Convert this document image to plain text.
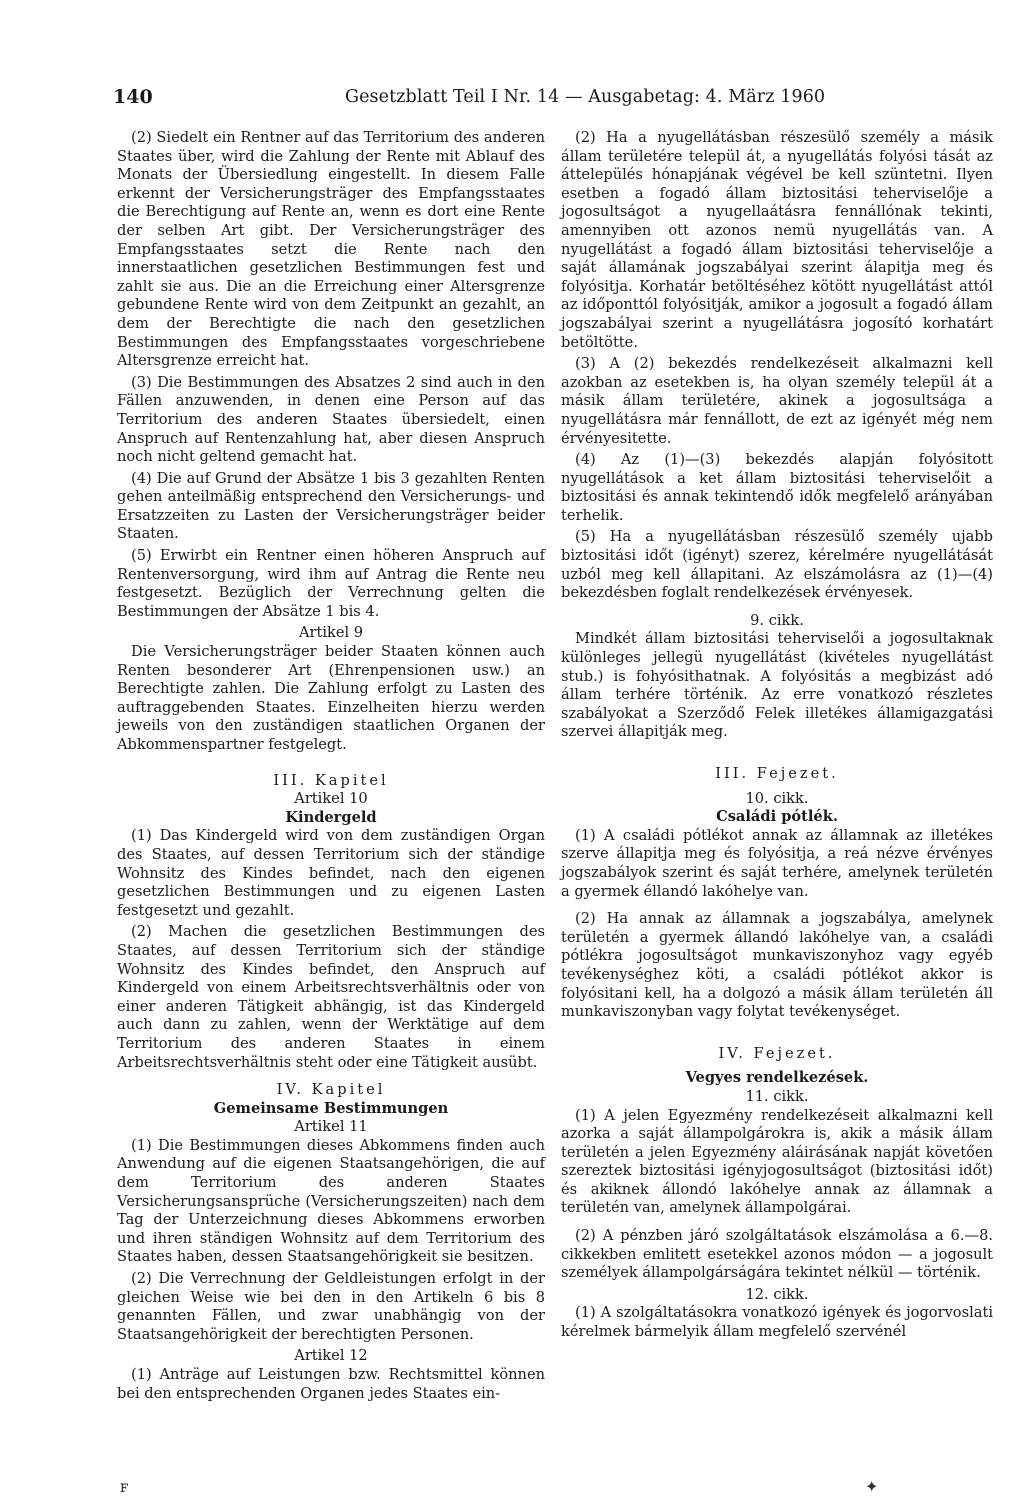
140	Gesetzblatt Teil I Nr. 14 — Ausgabetag: 4. März 1960

(2) Siedelt ein Rentner auf das Territorium des anderen Staates über, wird die Zahlung der Rente mit Ablauf des Monats der Übersiedlung eingestellt. In diesem Falle erkennt der Versicherungsträger des Empfangsstaates die Berechtigung auf Rente an, wenn es dort eine Rente der selben Art gibt. Der Versicherungsträger des Empfangsstaates setzt die Rente nach den innerstaatlichen gesetzlichen Bestimmungen fest und zahlt sie aus. Die an die Erreichung einer Altersgrenze gebundene Rente wird von dem Zeitpunkt an gezahlt, an dem der Berechtigte die nach den gesetzlichen Bestimmungen des Empfangsstaates vorgeschriebene Altersgrenze erreicht hat.

(3) Die Bestimmungen des Absatzes 2 sind auch in den Fällen anzuwenden, in denen eine Person auf das Territorium des anderen Staates übersiedelt, einen Anspruch auf Rentenzahlung hat, aber diesen Anspruch noch nicht geltend gemacht hat.

(4) Die auf Grund der Absätze 1 bis 3 gezahlten Renten gehen anteilmäßig entsprechend den Versicherungs- und Ersatzzeiten zu Lasten der Versicherungsträger beider Staaten.

(5) Erwirbt ein Rentner einen höheren Anspruch auf Rentenversorgung, wird ihm auf Antrag die Rente neu festgesetzt. Bezüglich der Verrechnung gelten die Bestimmungen der Absätze 1 bis 4.

Artikel 9

Die Versicherungsträger beider Staaten können auch Renten besonderer Art (Ehrenpensionen usw.) an Berechtigte zahlen. Die Zahlung erfolgt zu Lasten des auftraggebenden Staates. Einzelheiten hierzu werden jeweils von den zuständigen staatlichen Organen der Abkommenspartner festgelegt.

III. Kapitel

Artikel 10

Kindergeld

(1) Das Kindergeld wird von dem zuständigen Organ des Staates, auf dessen Territorium sich der ständige Wohnsitz des Kindes befindet, nach den eigenen gesetzlichen Bestimmungen und zu eigenen Lasten festgesetzt und gezahlt.

(2) Machen die gesetzlichen Bestimmungen des Staates, auf dessen Territorium sich der ständige Wohnsitz des Kindes befindet, den Anspruch auf Kindergeld von einem Arbeitsrechtsverhältnis oder von einer anderen Tätigkeit abhängig, ist das Kindergeld auch dann zu zahlen, wenn der Werktätige auf dem Territorium des anderen Staates in einem Arbeitsrechtsverhältnis steht oder eine Tätigkeit ausübt.

IV. Kapitel

Gemeinsame Bestimmungen

Artikel 11

(1) Die Bestimmungen dieses Abkommens finden auch Anwendung auf die eigenen Staatsangehörigen, die auf dem Territorium des anderen Staates Versicherungsansprüche (Versicherungszeiten) nach dem Tag der Unterzeichnung dieses Abkommens erworben und ihren ständigen Wohnsitz auf dem Territorium des Staates haben, dessen Staatsangehörigkeit sie besitzen.

(2) Die Verrechnung der Geldleistungen erfolgt in der gleichen Weise wie bei den in den Artikeln 6 bis 8 genannten Fällen, und zwar unabhängig von der Staatsangehörigkeit der berechtigten Personen.

Artikel 12

(1) Anträge auf Leistungen bzw. Rechtsmittel können bei den entsprechenden Organen jedes Staates ein-

(2) Ha a nyugellátásban részesülő személy a másik állam területére települ át, a nyugellátás folyósi tását az áttelepülés hónapjának végével be kell szüntetni. Ilyen esetben a fogadó állam biztositási teherviselője a jogosultságot a nyugellaátásra fennállónak tekinti, amennyiben ott azonos nemü nyugellátás van. A nyugellátást a fogadó állam biztositási teherviselője a saját államának jogszabályai szerint álapitja meg és folyósitja. Korhatár betöltéséhez kötött nyugellátást attól az időponttól folyósitják, amikor a jogosult a fogadó állam jogszabályai szerint a nyugellátásra jogosító korhatárt betöltötte.

(3) A (2) bekezdés rendelkezéseit alkalmazni kell azokban az esetekben is, ha olyan személy települ át a másik állam területére, akinek a jogosultsága a nyugellátásra már fennállott, de ezt az igényét még nem érvényesitette.

(4) Az (1)—(3) bekezdés alapján folyósitott nyugellátások a ket állam biztositási teherviselőit a biztositási és annak tekintendő idők megfelelő arányában terhelik.

(5) Ha a nyugellátásban részesülő személy ujabb biztositási időt (igényt) szerez, kérelmére nyugellátását uzból meg kell állapitani. Az elszámolásra az (1)—(4) bekezdésben foglalt rendelkezések érvényesek.

9. cikk.

Mindkét állam biztositási teherviselői a jogosultaknak különleges jellegü nyugellátást (kivételes nyugellátást stub.) is fohyósithatnak. A folyósitás a megbizást adó állam terhére történik. Az erre vonatkozó részletes szabályokat a Szerződő Felek illetékes államigazgatási szervei állapitják meg.

III. Fejezet.

10. cikk.

Családi pótlék.

(1) A családi pótlékot annak az államnak az illetékes szerve állapitja meg és folyósitja, a reá nézve érvényes jogszabályok szerint és saját terhére, amelynek területén a gyermek éllandó lakóhelye van.

(2) Ha annak az államnak a jogszabálya, amelynek területén a gyermek állandó lakóhelye van, a családi pótlékra jogosultságot munkaviszonyhoz vagy egyéb tevékenységhez köti, a családi pótlékot akkor is folyósitani kell, ha a dolgozó a másik állam területén áll munkaviszonyban vagy folytat tevékenységet.

IV. Fejezet.

Vegyes rendelkezések.

11. cikk.

(1) A jelen Egyezmény rendelkezéseit alkalmazni kell azorka a saját állampolgárokra is, akik a másik állam területén a jelen Egyezmény aláirásának napját követően szereztek biztositási igényjogosultságot (biztositási időt) és akiknek állondó lakóhelye annak az államnak a területén van, amelynek állampolgárai.

(2) A pénzben járó szolgáltatások elszámolása a 6.—8. cikkekben emlitett esetekkel azonos módon — a jogosult személyek állampolgárságára tekintet nélkül — történik.

12. cikk.

(1) A szolgáltatásokra vonatkozó igények és jogorvoslati kérelmek bármelyik állam megfelelő szervénél

ꜰ	✦
